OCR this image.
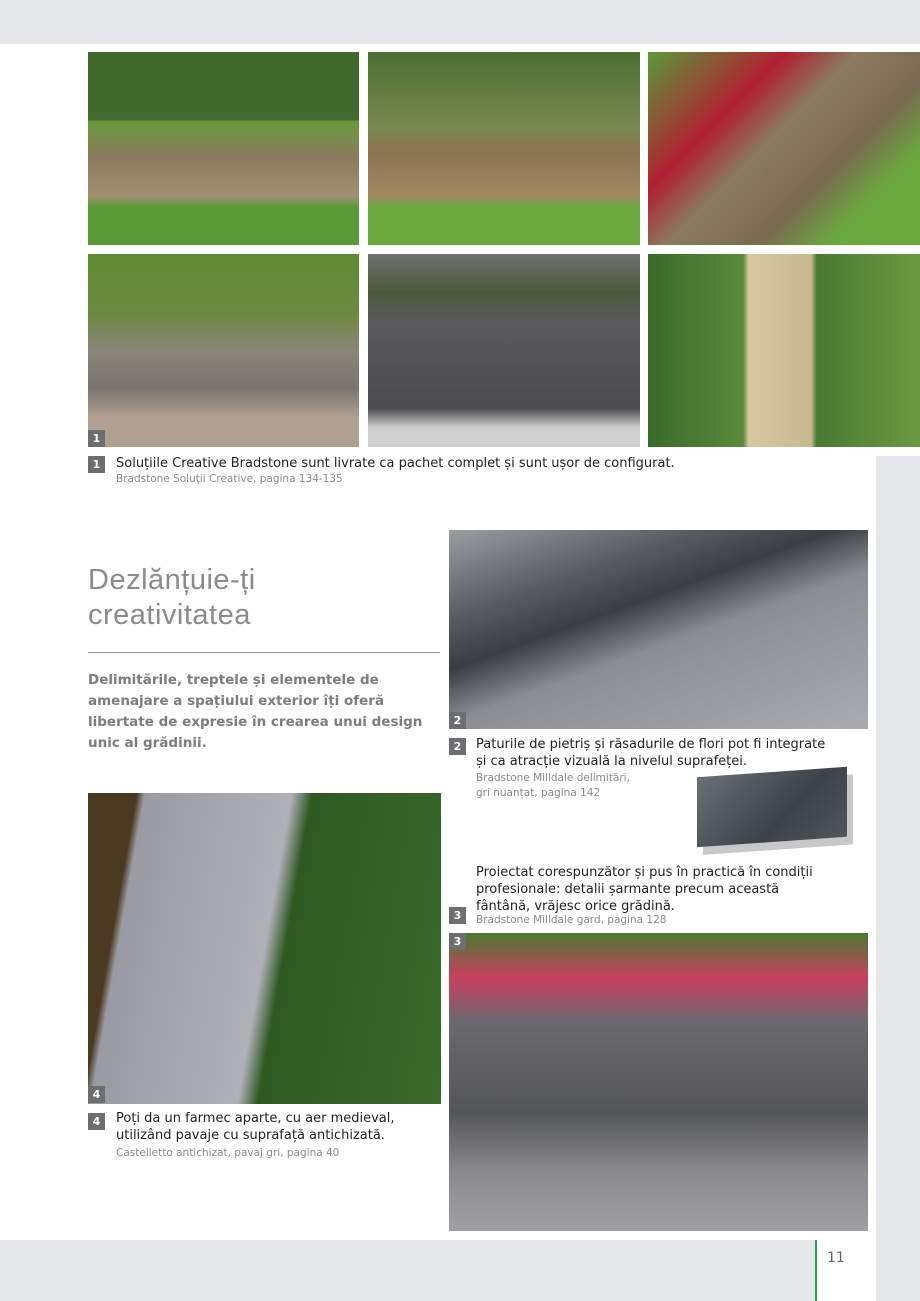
11
1
1	Soluțiile Creative Bradstone sunt livrate ca pachet complet și sunt ușor de configurat.
Bradstone Soluții Creative, pagina 134-135
Dezlănțuie-ți
creativitatea
Delimitările, treptele și elementele de amenajare a spațiului exterior îți oferă libertate de expresie în crearea unui design unic al grădinii.
2
2	Paturile de pietriș și răsadurile de flori pot fi integrate și ca atracție vizuală la nivelul suprafeței.
Bradstone Milldale delimitări,
gri nuanțat, pagina 142
Proiectat corespunzător și pus în practică în condiții profesionale: detalii șarmante precum această fântână, vrăjesc orice grădină.
3	Bradstone Milldale gard, pagina 128
4
4	Poți da un farmec aparte, cu aer medieval, utilizând pavaje cu suprafață antichizată.
Castelletto antichizat, pavaj gri, pagina 40
3
